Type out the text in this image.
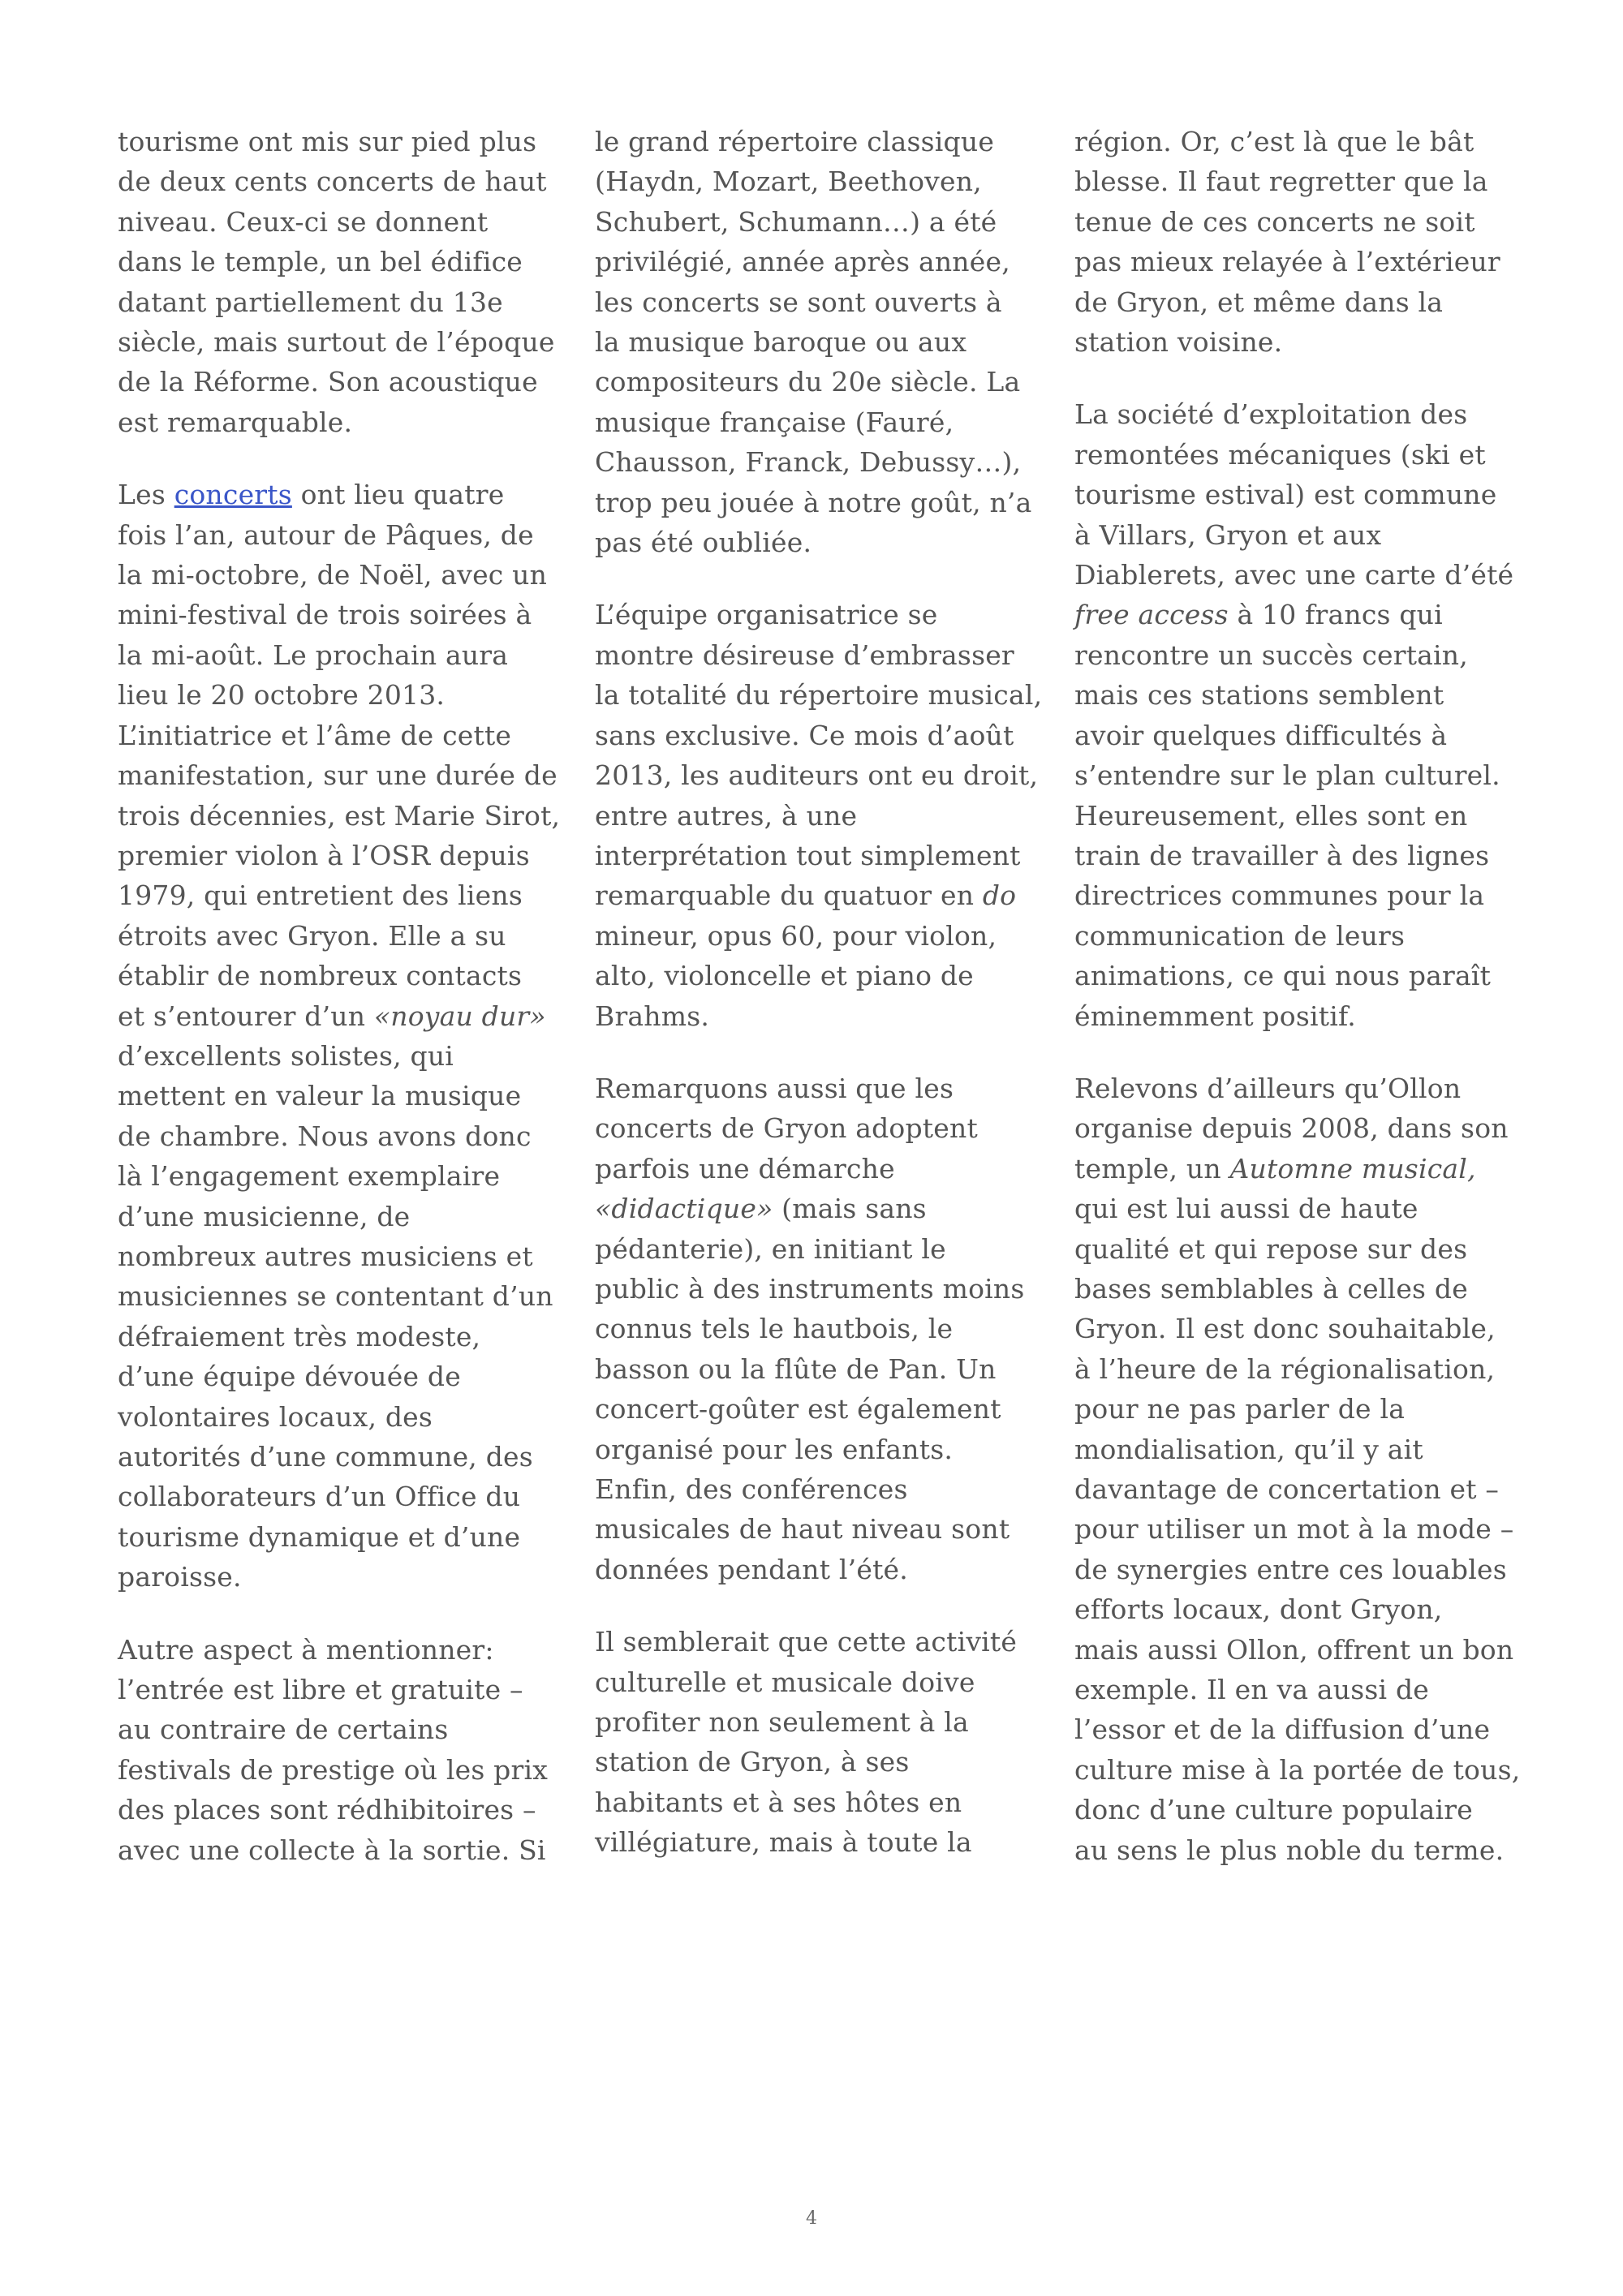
tourisme ont mis sur pied plus
de deux cents concerts de haut
niveau. Ceux-ci se donnent
dans le temple, un bel édifice
datant partiellement du 13e
siècle, mais surtout de l’époque
de la Réforme. Son acoustique
est remarquable.

Les concerts ont lieu quatre
fois l’an, autour de Pâques, de
la mi-octobre, de Noël, avec un
mini-festival de trois soirées à
la mi-août. Le prochain aura
lieu le 20 octobre 2013.
L’initiatrice et l’âme de cette
manifestation, sur une durée de
trois décennies, est Marie Sirot,
premier violon à l’OSR depuis
1979, qui entretient des liens
étroits avec Gryon. Elle a su
établir de nombreux contacts
et s’entourer d’un «noyau dur»
d’excellents solistes, qui
mettent en valeur la musique
de chambre. Nous avons donc
là l’engagement exemplaire
d’une musicienne, de
nombreux autres musiciens et
musiciennes se contentant d’un
défraiement très modeste,
d’une équipe dévouée de
volontaires locaux, des
autorités d’une commune, des
collaborateurs d’un Office du
tourisme dynamique et d’une
paroisse.

Autre aspect à mentionner:
l’entrée est libre et gratuite –
au contraire de certains
festivals de prestige où les prix
des places sont rédhibitoires –
avec une collecte à la sortie. Si

le grand répertoire classique
(Haydn, Mozart, Beethoven,
Schubert, Schumann…) a été
privilégié, année après année,
les concerts se sont ouverts à
la musique baroque ou aux
compositeurs du 20e siècle. La
musique française (Fauré,
Chausson, Franck, Debussy…),
trop peu jouée à notre goût, n’a
pas été oubliée.

L’équipe organisatrice se
montre désireuse d’embrasser
la totalité du répertoire musical,
sans exclusive. Ce mois d’août
2013, les auditeurs ont eu droit,
entre autres, à une
interprétation tout simplement
remarquable du quatuor en do
mineur, opus 60, pour violon,
alto, violoncelle et piano de
Brahms.

Remarquons aussi que les
concerts de Gryon adoptent
parfois une démarche
«didactique» (mais sans
pédanterie), en initiant le
public à des instruments moins
connus tels le hautbois, le
basson ou la flûte de Pan. Un
concert-goûter est également
organisé pour les enfants.
Enfin, des conférences
musicales de haut niveau sont
données pendant l’été.

Il semblerait que cette activité
culturelle et musicale doive
profiter non seulement à la
station de Gryon, à ses
habitants et à ses hôtes en
villégiature, mais à toute la

région. Or, c’est là que le bât
blesse. Il faut regretter que la
tenue de ces concerts ne soit
pas mieux relayée à l’extérieur
de Gryon, et même dans la
station voisine.

La société d’exploitation des
remontées mécaniques (ski et
tourisme estival) est commune
à Villars, Gryon et aux
Diablerets, avec une carte d’été
free access à 10 francs qui
rencontre un succès certain,
mais ces stations semblent
avoir quelques difficultés à
s’entendre sur le plan culturel.
Heureusement, elles sont en
train de travailler à des lignes
directrices communes pour la
communication de leurs
animations, ce qui nous paraît
éminemment positif.

Relevons d’ailleurs qu’Ollon
organise depuis 2008, dans son
temple, un Automne musical,
qui est lui aussi de haute
qualité et qui repose sur des
bases semblables à celles de
Gryon. Il est donc souhaitable,
à l’heure de la régionalisation,
pour ne pas parler de la
mondialisation, qu’il y ait
davantage de concertation et –
pour utiliser un mot à la mode –
de synergies entre ces louables
efforts locaux, dont Gryon,
mais aussi Ollon, offrent un bon
exemple. Il en va aussi de
l’essor et de la diffusion d’une
culture mise à la portée de tous,
donc d’une culture populaire
au sens le plus noble du terme.

4
